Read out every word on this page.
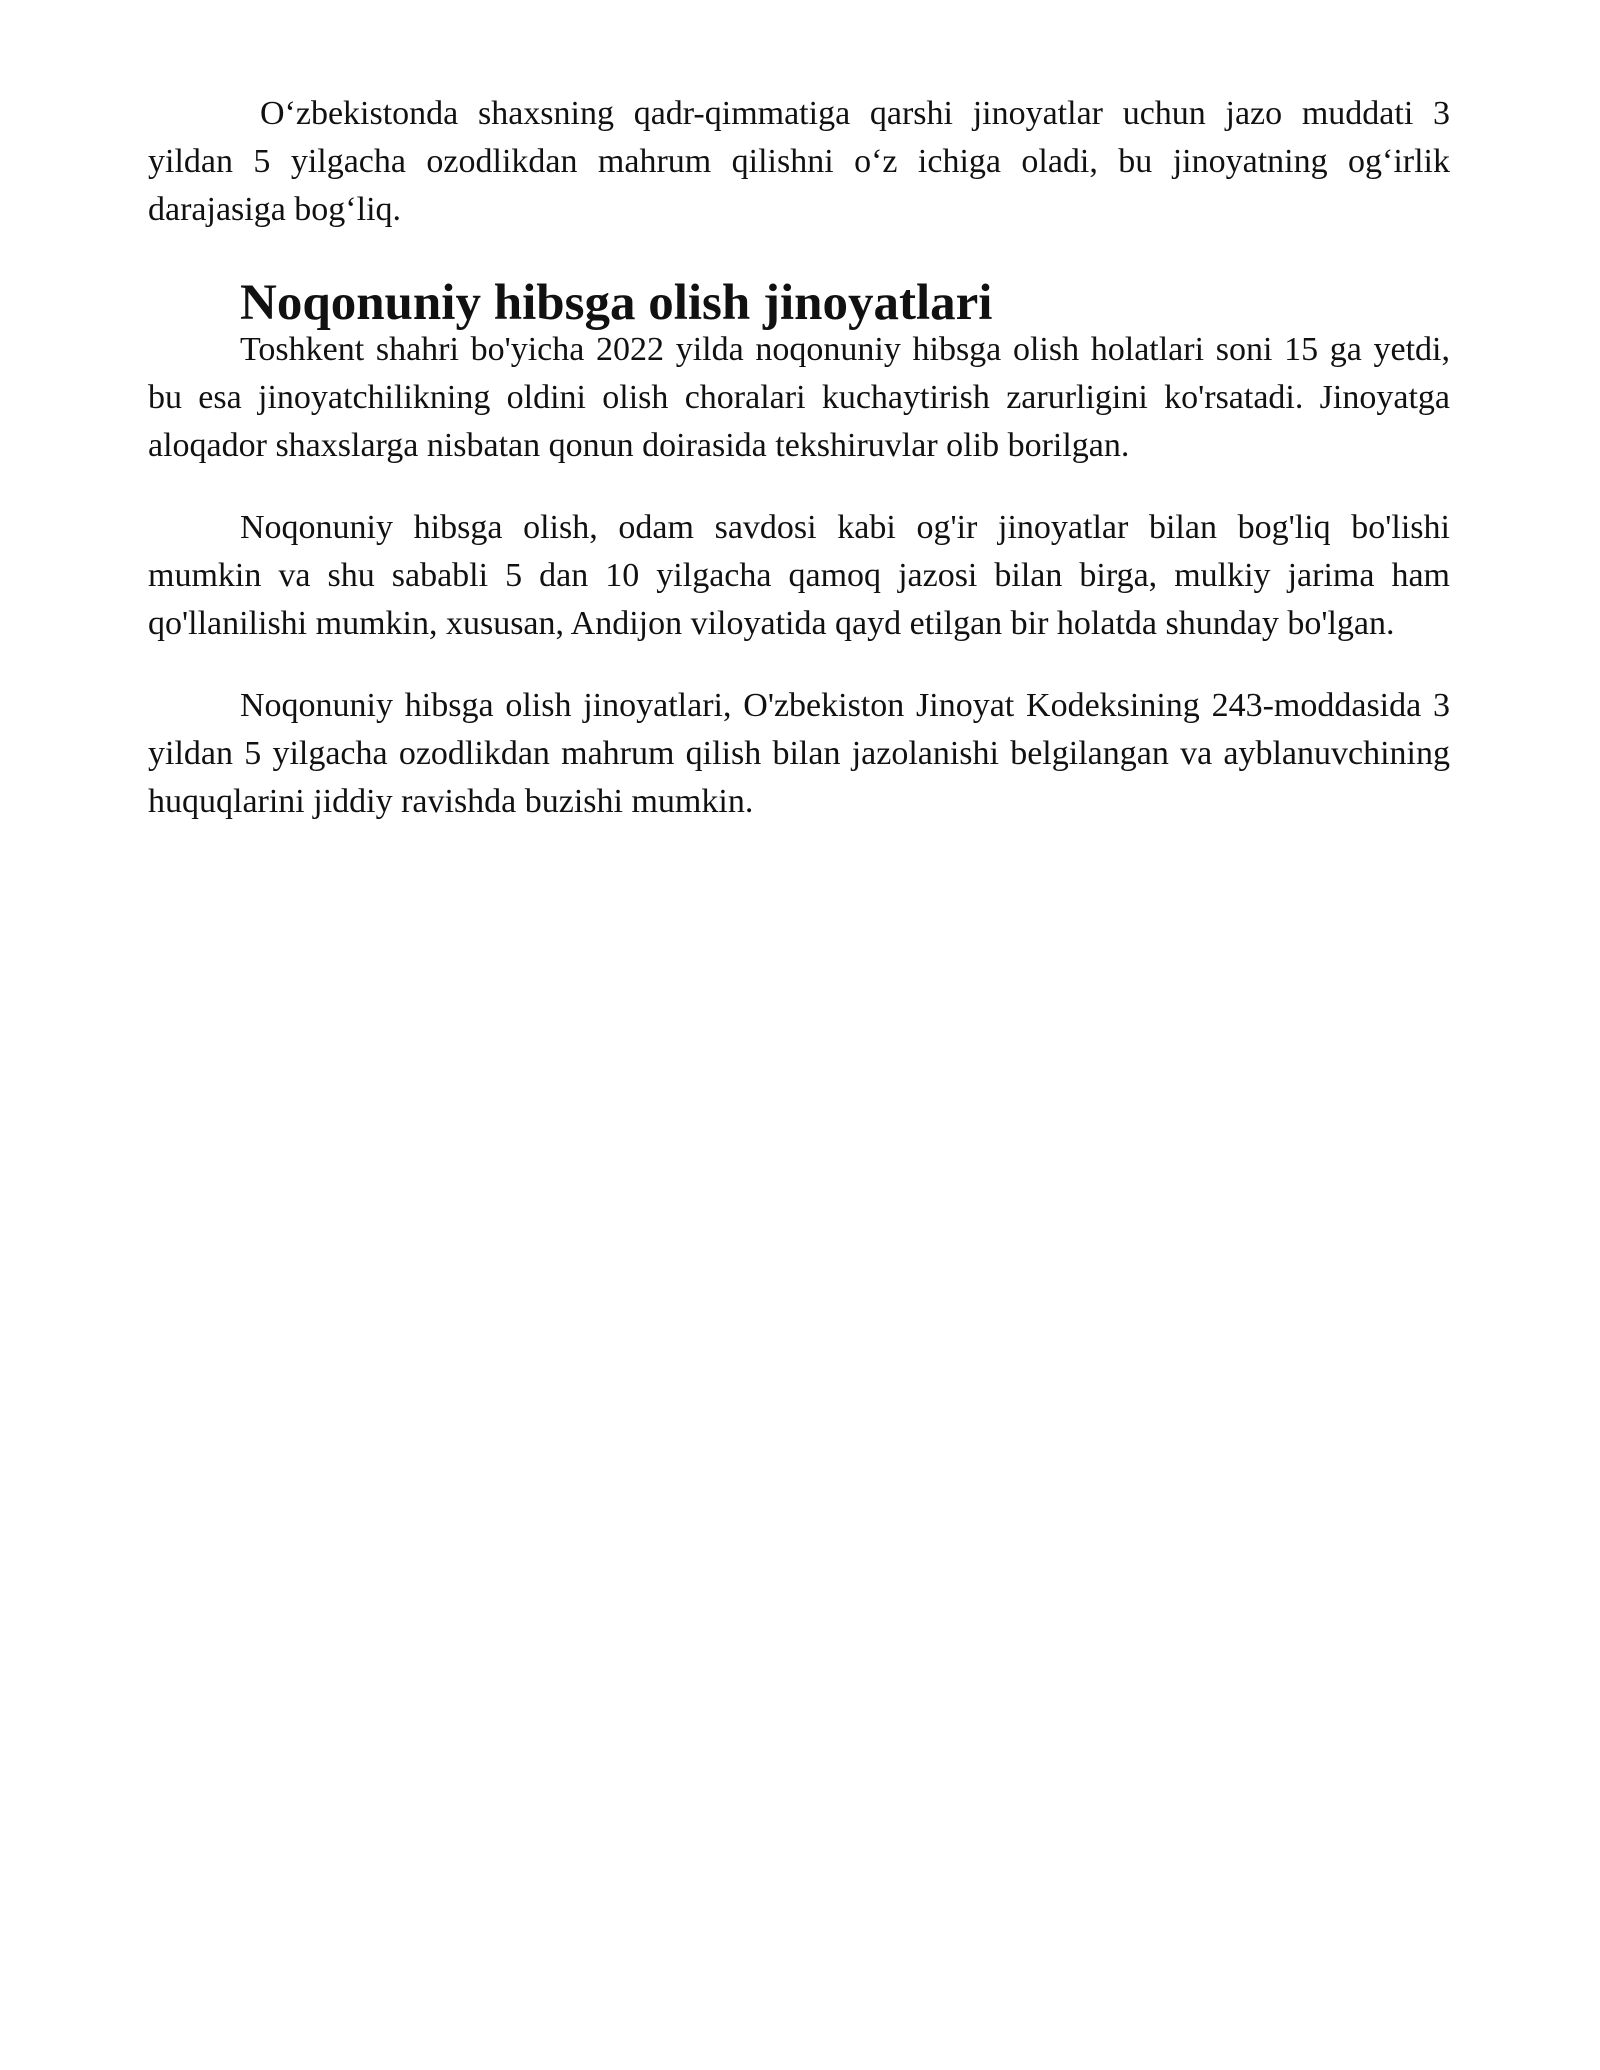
Oʻzbekistonda shaxsning qadr-qimmatiga qarshi jinoyatlar uchun jazo muddati 3 yildan 5 yilgacha ozodlikdan mahrum qilishni oʻz ichiga oladi, bu jinoyatning ogʻirlik darajasiga bogʻliq.

Noqonuniy hibsga olish jinoyatlari

Toshkent shahri bo'yicha 2022 yilda noqonuniy hibsga olish holatlari soni 15 ga yetdi, bu esa jinoyatchilikning oldini olish choralari kuchaytirish zarurligini ko'rsatadi. Jinoyatga aloqador shaxslarga nisbatan qonun doirasida tekshiruvlar olib borilgan.

Noqonuniy hibsga olish, odam savdosi kabi og'ir jinoyatlar bilan bog'liq bo'lishi mumkin va shu sababli 5 dan 10 yilgacha qamoq jazosi bilan birga, mulkiy jarima ham qo'llanilishi mumkin, xususan, Andijon viloyatida qayd etilgan bir holatda shunday bo'lgan.

Noqonuniy hibsga olish jinoyatlari, O'zbekiston Jinoyat Kodeksining 243-moddasida 3 yildan 5 yilgacha ozodlikdan mahrum qilish bilan jazolanishi belgilangan va ayblanuvchining huquqlarini jiddiy ravishda buzishi mumkin.
